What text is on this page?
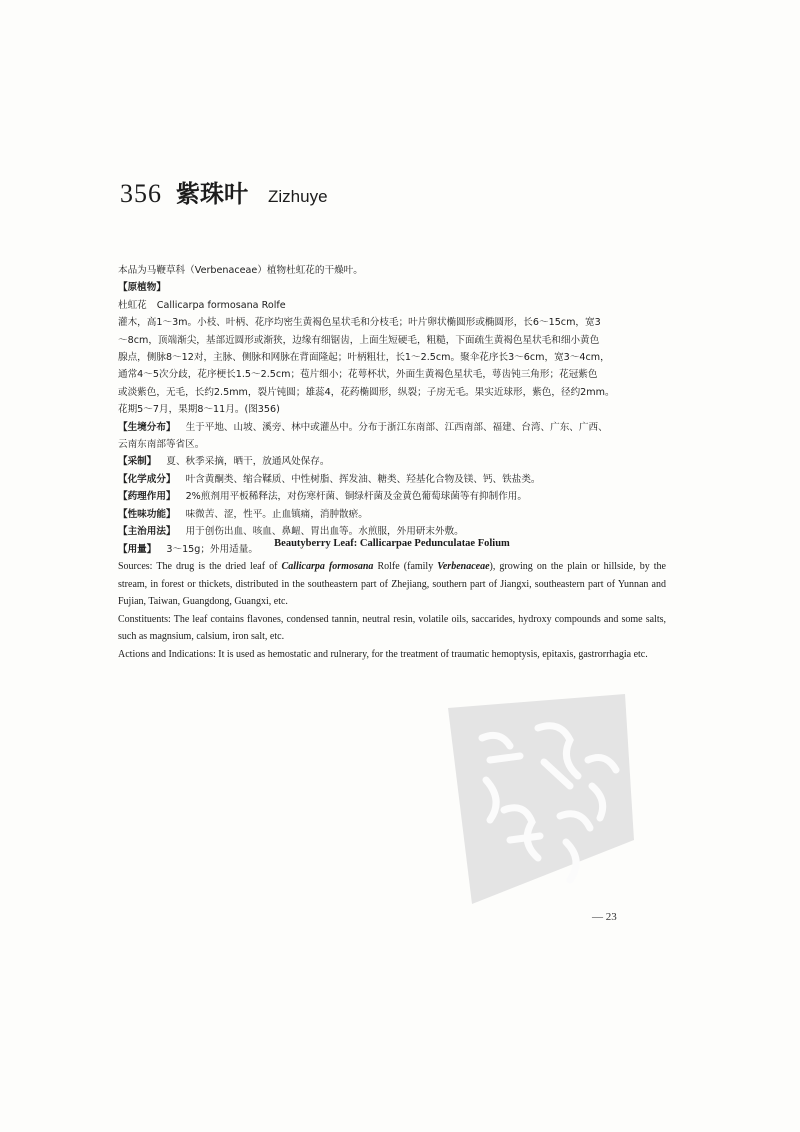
356 紫珠叶 Zizhuye

本品为马鞭草科（Verbenaceae）植物杜虹花的干燥叶。

【原植物】

杜虹花 Callicarpa formosana Rolfe

灌木，高1～3m。小枝、叶柄、花序均密生黄褐色星状毛和分枝毛；叶片卵状椭圆形或椭圆形，长6～15cm，宽3

～8cm，顶端渐尖，基部近圆形或渐狭，边缘有细锯齿，上面生短硬毛，粗糙，下面疏生黄褐色星状毛和细小黄色

腺点，侧脉8～12对，主脉、侧脉和网脉在背面隆起；叶柄粗壮，长1～2.5cm。聚伞花序长3～6cm，宽3～4cm，

通常4～5次分歧，花序梗长1.5～2.5cm；苞片细小；花萼杯状，外面生黄褐色星状毛，萼齿钝三角形；花冠紫色

或淡紫色，无毛，长约2.5mm，裂片钝圆；雄蕊4，花药椭圆形，纵裂；子房无毛。果实近球形，紫色，径约2mm。

花期5～7月，果期8～11月。(图356)

【生境分布】 生于平地、山坡、溪旁、林中或灌丛中。分布于浙江东南部、江西南部、福建、台湾、广东、广西、

云南东南部等省区。

【采制】 夏、秋季采摘，晒干，放通风处保存。

【化学成分】 叶含黄酮类、缩合鞣质、中性树脂、挥发油、糖类、羟基化合物及镁、钙、铁盐类。

【药理作用】 2%煎剂用平板稀释法，对伤寒杆菌、铜绿杆菌及金黄色葡萄球菌等有抑制作用。

【性味功能】 味微苦、涩，性平。止血镇痛，消肿散瘀。

【主治用法】 用于创伤出血、咳血、鼻衄、胃出血等。水煎服，外用研末外敷。

【用量】 3～15g；外用适量。	Beautyberry Leaf: Callicarpae Pedunculatae Folium

Sources: The drug is the dried leaf of Callicarpa formosana Rolfe (family Verbenaceae), growing on the plain or hillside, by the stream, in forest or thickets, distributed in the southeastern part of Zhejiang, southern part of Jiangxi, southeastern part of Yunnan and Fujian, Taiwan, Guangdong, Guangxi, etc.

Constituents: The leaf contains flavones, condensed tannin, neutral resin, volatile oils, saccarides, hydroxy compounds and some salts, such as magnsium, calsium, iron salt, etc.

Actions and Indications: It is used as hemostatic and rulnerary, for the treatment of traumatic hemoptysis, epitaxis, gastrorrhagia etc.

— 23
